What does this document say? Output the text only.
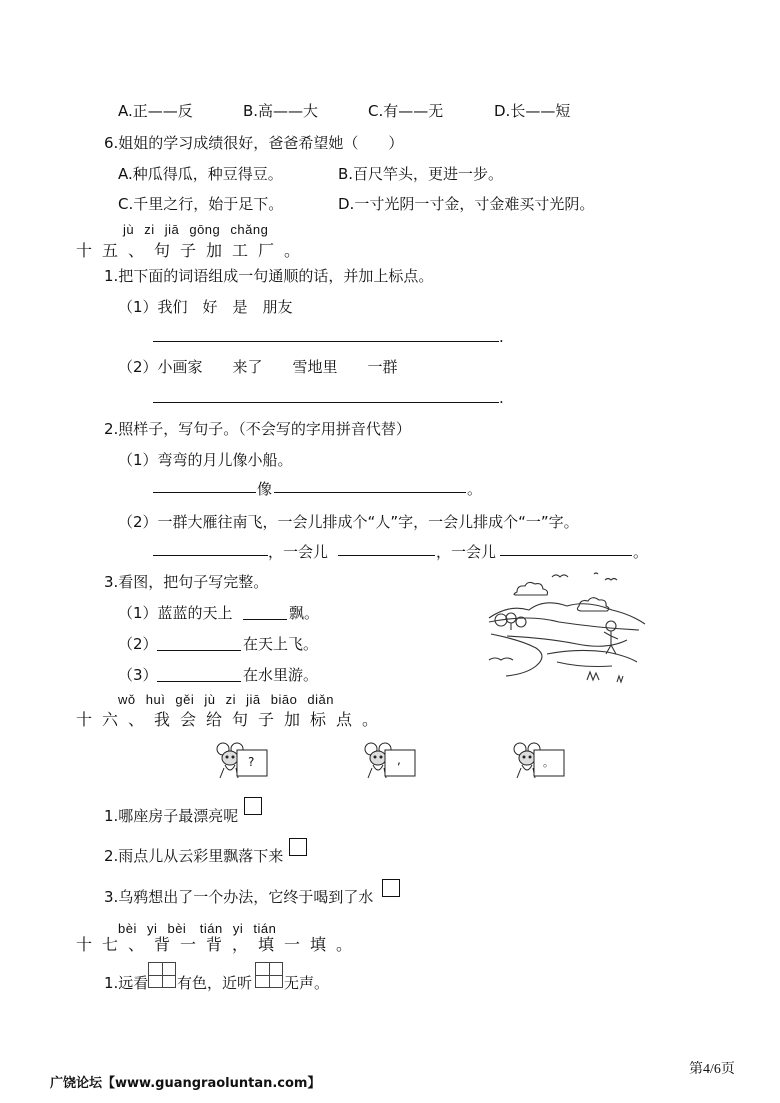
A.正——反	B.高——大	C.有——无	D.长——短
6.姐姐的学习成绩很好，爸爸希望她（　　）
A.种瓜得瓜，种豆得豆。	B.百尺竿头，更进一步。
C.千里之行，始于足下。	D.一寸光阴一寸金，寸金难买寸光阴。
jù zi jiā gōng chǎng
十五、句子加工厂。
1.把下面的词语组成一句通顺的话，并加上标点。
（1）我们　好　是　朋友
.
（2）小画家　　来了　　雪地里　　一群
.
2.照样子，写句子。（不会写的字用拼音代替）
（1）弯弯的月儿像小船。
像	。
（2）一群大雁往南飞，一会儿排成个“人”字，一会儿排成个“一”字。
，一会儿	，一会儿	。
3.看图，把句子写完整。
（1）蓝蓝的天上	飘。
（2）	在天上飞。
（3）	在水里游。
wǒ huì gěi jù zi jiā biāo diǎn
十六、我会给句子加标点。
?	,	。
1.哪座房子最漂亮呢
2.雨点儿从云彩里飘落下来
3.乌鸦想出了一个办法，它终于喝到了水
bèi yi bèi　tián yi tián
十七、背一背，填一填。
1.远看 有色，近听 无声。
广饶论坛【www.guangraoluntan.com】
第4/6页
